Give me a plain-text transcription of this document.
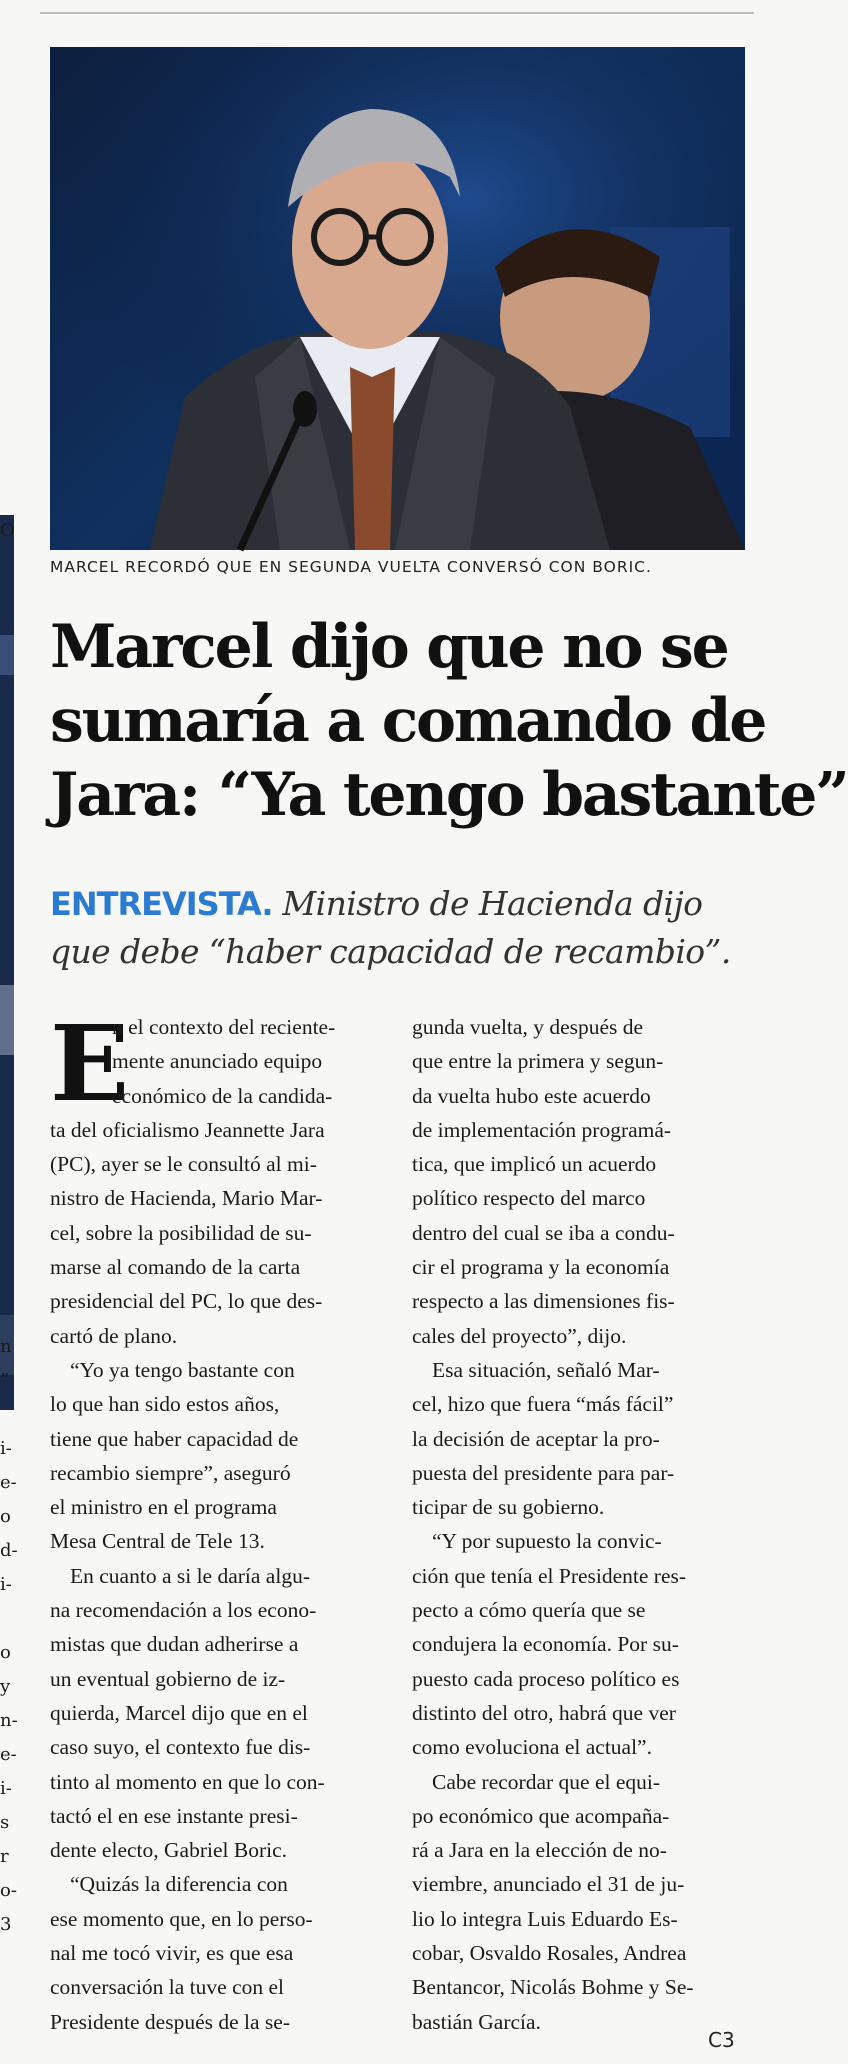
O
n
”

i-
e-
o
d-
i-

o
y
n-
e-
i-
s
r
o-
3
MARCEL RECORDÓ QUE EN SEGUNDA VUELTA CONVERSÓ CON BORIC.
Marcel dijo que no se
sumaría a comando de
Jara: “Ya tengo bastante”
ENTREVISTA. Ministro de Hacienda dijo
que debe “haber capacidad de recambio”.
E
n el contexto del reciente-
mente anunciado equipo
económico de la candida-
ta del oficialismo Jeannette Jara
(PC), ayer se le consultó al mi-
nistro de Hacienda, Mario Mar-
cel, sobre la posibilidad de su-
marse al comando de la carta
presidencial del PC, lo que des-
cartó de plano.
“Yo ya tengo bastante con
lo que han sido estos años,
tiene que haber capacidad de
recambio siempre”, aseguró
el ministro en el programa
Mesa Central de Tele 13.
En cuanto a si le daría algu-
na recomendación a los econo-
mistas que dudan adherirse a
un eventual gobierno de iz-
quierda, Marcel dijo que en el
caso suyo, el contexto fue dis-
tinto al momento en que lo con-
tactó el en ese instante presi-
dente electo, Gabriel Boric.
“Quizás la diferencia con
ese momento que, en lo perso-
nal me tocó vivir, es que esa
conversación la tuve con el
Presidente después de la se-
gunda vuelta, y después de
que entre la primera y segun-
da vuelta hubo este acuerdo
de implementación programá-
tica, que implicó un acuerdo
político respecto del marco
dentro del cual se iba a condu-
cir el programa y la economía
respecto a las dimensiones fis-
cales del proyecto”, dijo.
Esa situación, señaló Mar-
cel, hizo que fuera “más fácil”
la decisión de aceptar la pro-
puesta del presidente para par-
ticipar de su gobierno.
“Y por supuesto la convic-
ción que tenía el Presidente res-
pecto a cómo quería que se
condujera la economía. Por su-
puesto cada proceso político es
distinto del otro, habrá que ver
como evoluciona el actual”.
Cabe recordar que el equi-
po económico que acompaña-
rá a Jara en la elección de no-
viembre, anunciado el 31 de ju-
lio lo integra Luis Eduardo Es-
cobar, Osvaldo Rosales, Andrea
Bentancor, Nicolás Bohme y Se-
bastián García.
C3
